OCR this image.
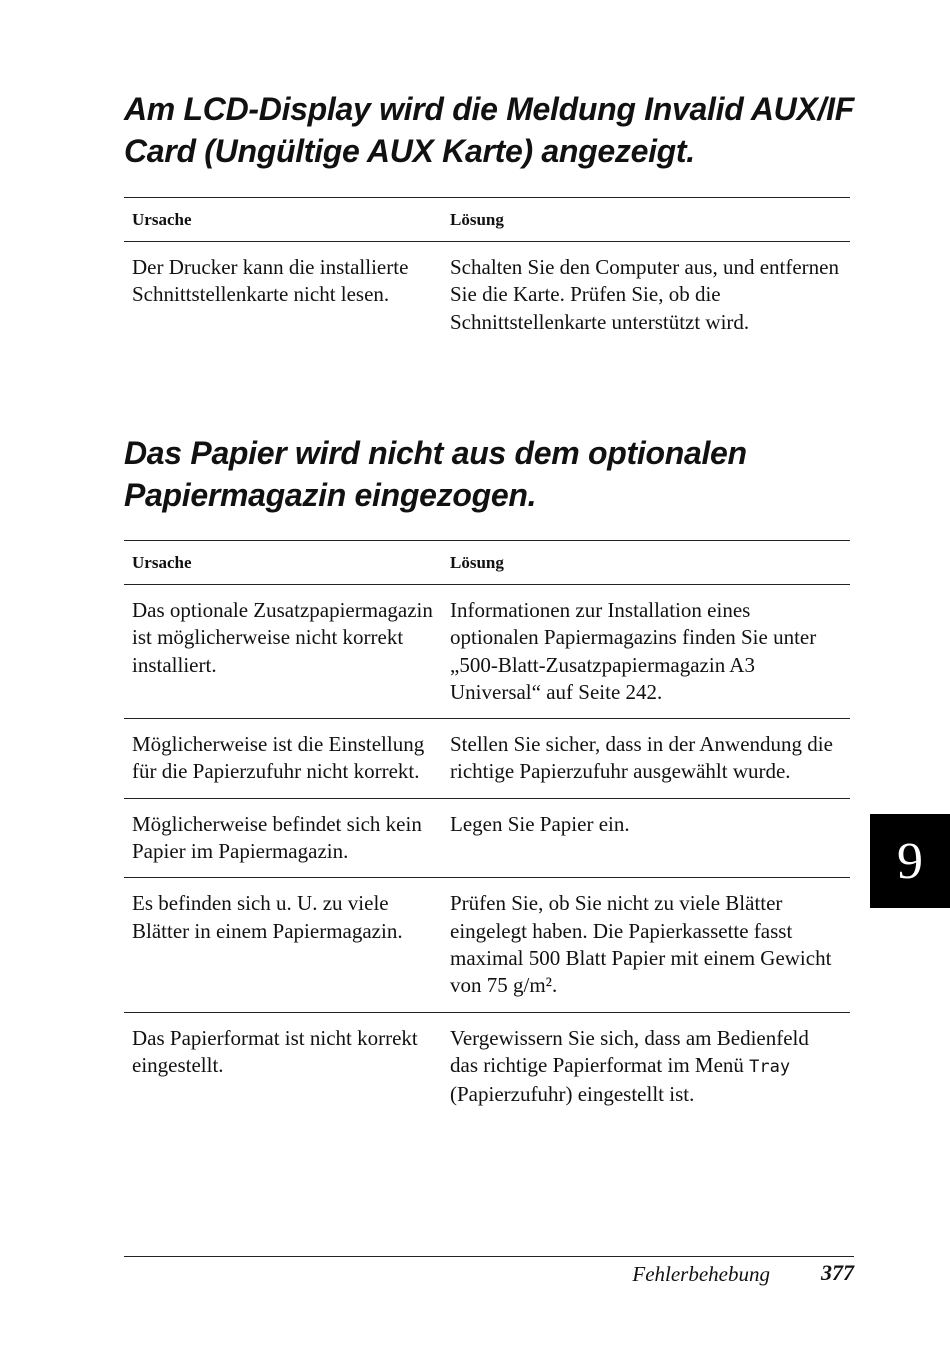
Am LCD-Display wird die Meldung Invalid AUX/IF Card (Ungültige AUX Karte) angezeigt.
Ursache	Lösung
Der Drucker kann die installierte Schnittstellenkarte nicht lesen.	Schalten Sie den Computer aus, und entfernen Sie die Karte. Prüfen Sie, ob die Schnittstellenkarte unterstützt wird.
Das Papier wird nicht aus dem optionalen Papiermagazin eingezogen.
Ursache	Lösung
Das optionale Zusatzpapiermagazin ist möglicherweise nicht korrekt installiert.	Informationen zur Installation eines optionalen Papiermagazins finden Sie unter „500-Blatt-Zusatzpapiermagazin A3 Universal“ auf Seite 242.
Möglicherweise ist die Einstellung für die Papierzufuhr nicht korrekt.	Stellen Sie sicher, dass in der Anwendung die richtige Papierzufuhr ausgewählt wurde.
Möglicherweise befindet sich kein Papier im Papiermagazin.	Legen Sie Papier ein.
Es befinden sich u. U. zu viele Blätter in einem Papiermagazin.	Prüfen Sie, ob Sie nicht zu viele Blätter eingelegt haben. Die Papierkassette fasst maximal 500 Blatt Papier mit einem Gewicht von 75 g/m².
Das Papierformat ist nicht korrekt eingestellt.	Vergewissern Sie sich, dass am Bedienfeld das richtige Papierformat im Menü Tray (Papierzufuhr) eingestellt ist.
9
Fehlerbehebung 377
